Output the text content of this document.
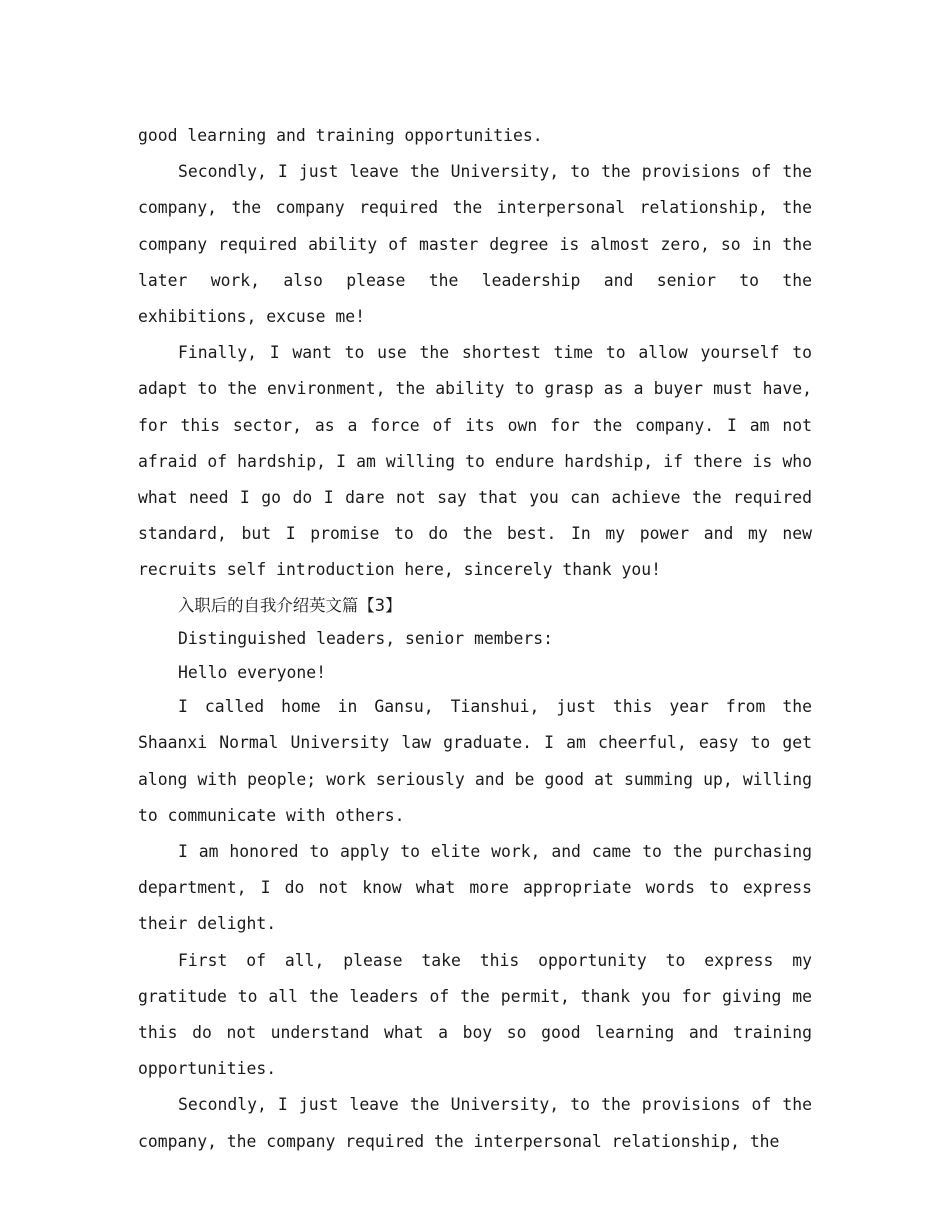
good learning and training opportunities.

Secondly, I just leave the University, to the provisions of the company, the company required the interpersonal relationship, the company required ability of master degree is almost zero, so in the later work, also please the leadership and senior to the exhibitions, excuse me!

Finally, I want to use the shortest time to allow yourself to adapt to the environment, the ability to grasp as a buyer must have, for this sector, as a force of its own for the company. I am not afraid of hardship, I am willing to endure hardship, if there is who what need I go do I dare not say that you can achieve the required standard, but I promise to do the best. In my power and my new recruits self introduction here, sincerely thank you!

入职后的自我介绍英文篇【3】

Distinguished leaders, senior members:

Hello everyone!

I called home in Gansu, Tianshui, just this year from the Shaanxi Normal University law graduate. I am cheerful, easy to get along with people; work seriously and be good at summing up, willing to communicate with others.

I am honored to apply to elite work, and came to the purchasing department, I do not know what more appropriate words to express their delight.

First of all, please take this opportunity to express my gratitude to all the leaders of the permit, thank you for giving me this do not understand what a boy so good learning and training opportunities.

Secondly, I just leave the University, to the provisions of the company, the company required the interpersonal relationship, the
